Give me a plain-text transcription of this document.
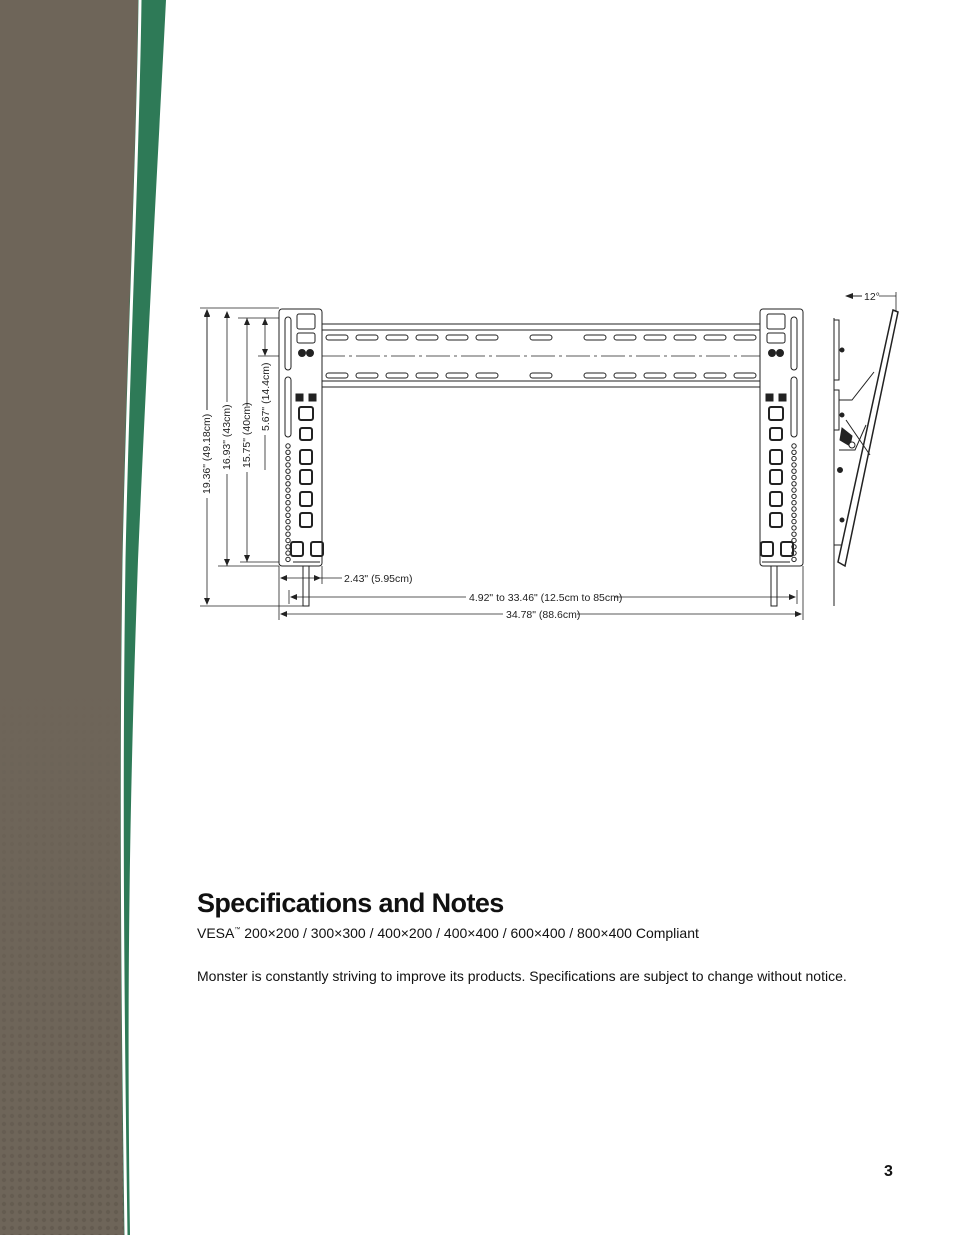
12°
19.36" (49.18cm) 16.93" (43cm) 15.75" (40cm)
5.67" (14.4cm)
2.43" (5.95cm)
4.92" to 33.46" (12.5cm to 85cm)
34.78" (88.6cm)
Specifications and Notes

VESA™ 200×200 / 300×300 / 400×200 / 400×400 / 600×400 / 800×400 Compliant

Monster is constantly striving to improve its products. Specifications are subject to change without notice.

3
